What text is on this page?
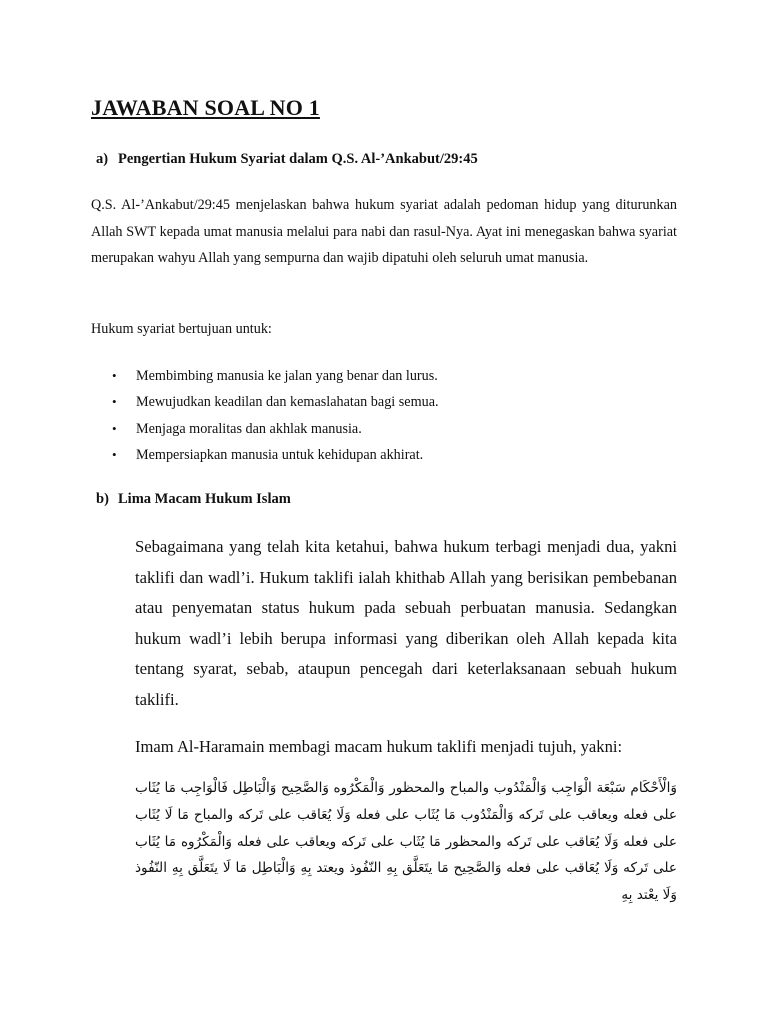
JAWABAN SOAL NO 1

a) Pengertian Hukum Syariat dalam Q.S. Al-’Ankabut/29:45

Q.S. Al-’Ankabut/29:45 menjelaskan bahwa hukum syariat adalah pedoman hidup yang diturunkan Allah SWT kepada umat manusia melalui para nabi dan rasul-Nya. Ayat ini menegaskan bahwa syariat merupakan wahyu Allah yang sempurna dan wajib dipatuhi oleh seluruh umat manusia.

Hukum syariat bertujuan untuk:

• Membimbing manusia ke jalan yang benar dan lurus.
• Mewujudkan keadilan dan kemaslahatan bagi semua.
• Menjaga moralitas dan akhlak manusia.
• Mempersiapkan manusia untuk kehidupan akhirat.

b) Lima Macam Hukum Islam

Sebagaimana yang telah kita ketahui, bahwa hukum terbagi menjadi dua, yakni taklifi dan wadl’i. Hukum taklifi ialah khithab Allah yang berisikan pembebanan atau penyematan status hukum pada sebuah perbuatan manusia. Sedangkan hukum wadl’i lebih berupa informasi yang diberikan oleh Allah kepada kita tentang syarat, sebab, ataupun pencegah dari keterlaksanaan sebuah hukum taklifi.

Imam Al-Haramain membagi macam hukum taklifi menjadi tujuh, yakni:

وَالْأَحْكَام سَبْعَة الْوَاجِب وَالْمَنْدُوب والمباح والمحظور وَالْمَكْرُوه وَالصَّحِيح وَالْبَاطِل فَالْوَاجِب مَا يُثَاب على فعله ويعاقب على تَركه وَالْمَنْدُوب مَا يُثَاب على فعله وَلَا يُعَاقب على تَركه والمباح مَا لَا يُثَاب على فعله وَلَا يُعَاقب على تَركه والمحظور مَا يُثَاب على تَركه ويعاقب على فعله وَالْمَكْرُوه مَا يُثَاب على تَركه وَلَا يُعَاقب على فعله وَالصَّحِيح مَا يتَعَلَّق بِهِ النّفُوذ ويعتد بِهِ وَالْبَاطِل مَا لَا يتَعَلَّق بِهِ النّفُوذ وَلَا يعْتد بِهِ
